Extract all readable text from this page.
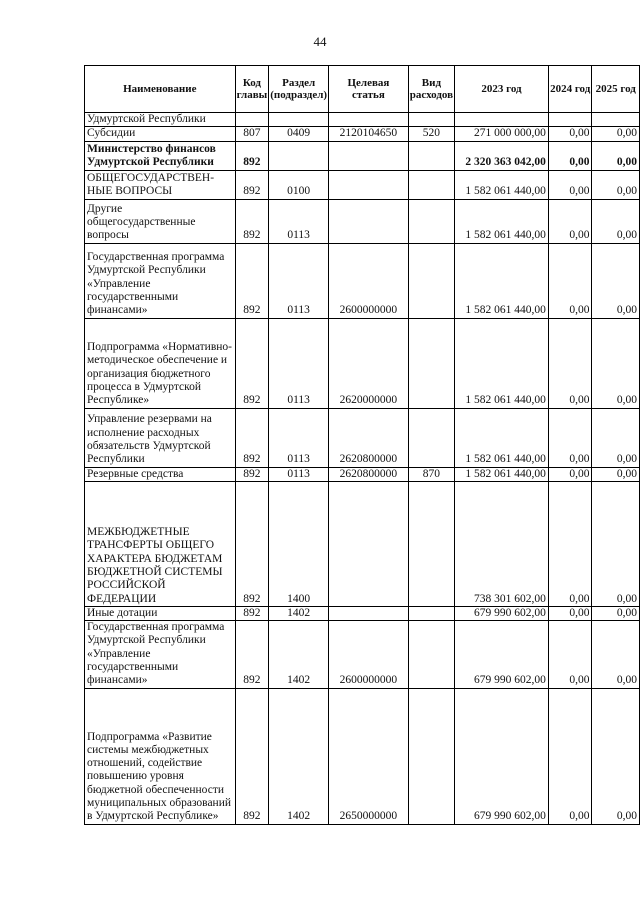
44
Наименование	Код главы	Раздел (подраздел)	Целевая статья	Вид расходов	2023 год	2024 год	2025 год
Удмуртской Республики							
Субсидии	807	0409	2120104650	520	271 000 000,00	0,00	0,00
Министерство финансов Удмуртской Республики	892				2 320 363 042,00	0,00	0,00
ОБЩЕГОСУДАРСТВЕН-НЫЕ ВОПРОСЫ	892	0100			1 582 061 440,00	0,00	0,00
Другие общегосударственные вопросы	892	0113			1 582 061 440,00	0,00	0,00
Государственная программа Удмуртской Республики «Управление государственными финансами»	892	0113	2600000000		1 582 061 440,00	0,00	0,00
Подпрограмма «Нормативно-методическое обеспечение и организация бюджетного процесса в Удмуртской Республике»	892	0113	2620000000		1 582 061 440,00	0,00	0,00
Управление резервами на исполнение расходных обязательств Удмуртской Республики	892	0113	2620800000		1 582 061 440,00	0,00	0,00
Резервные средства	892	0113	2620800000	870	1 582 061 440,00	0,00	0,00
МЕЖБЮДЖЕТНЫЕ ТРАНСФЕРТЫ ОБЩЕГО ХАРАКТЕРА БЮДЖЕТАМ БЮДЖЕТНОЙ СИСТЕМЫ РОССИЙСКОЙ ФЕДЕРАЦИИ	892	1400			738 301 602,00	0,00	0,00
Иные дотации	892	1402			679 990 602,00	0,00	0,00
Государственная программа Удмуртской Республики «Управление государственными финансами»	892	1402	2600000000		679 990 602,00	0,00	0,00
Подпрограмма «Развитие системы межбюджетных отношений, содействие повышению уровня бюджетной обеспеченности муниципальных образований в Удмуртской Республике»	892	1402	2650000000		679 990 602,00	0,00	0,00
